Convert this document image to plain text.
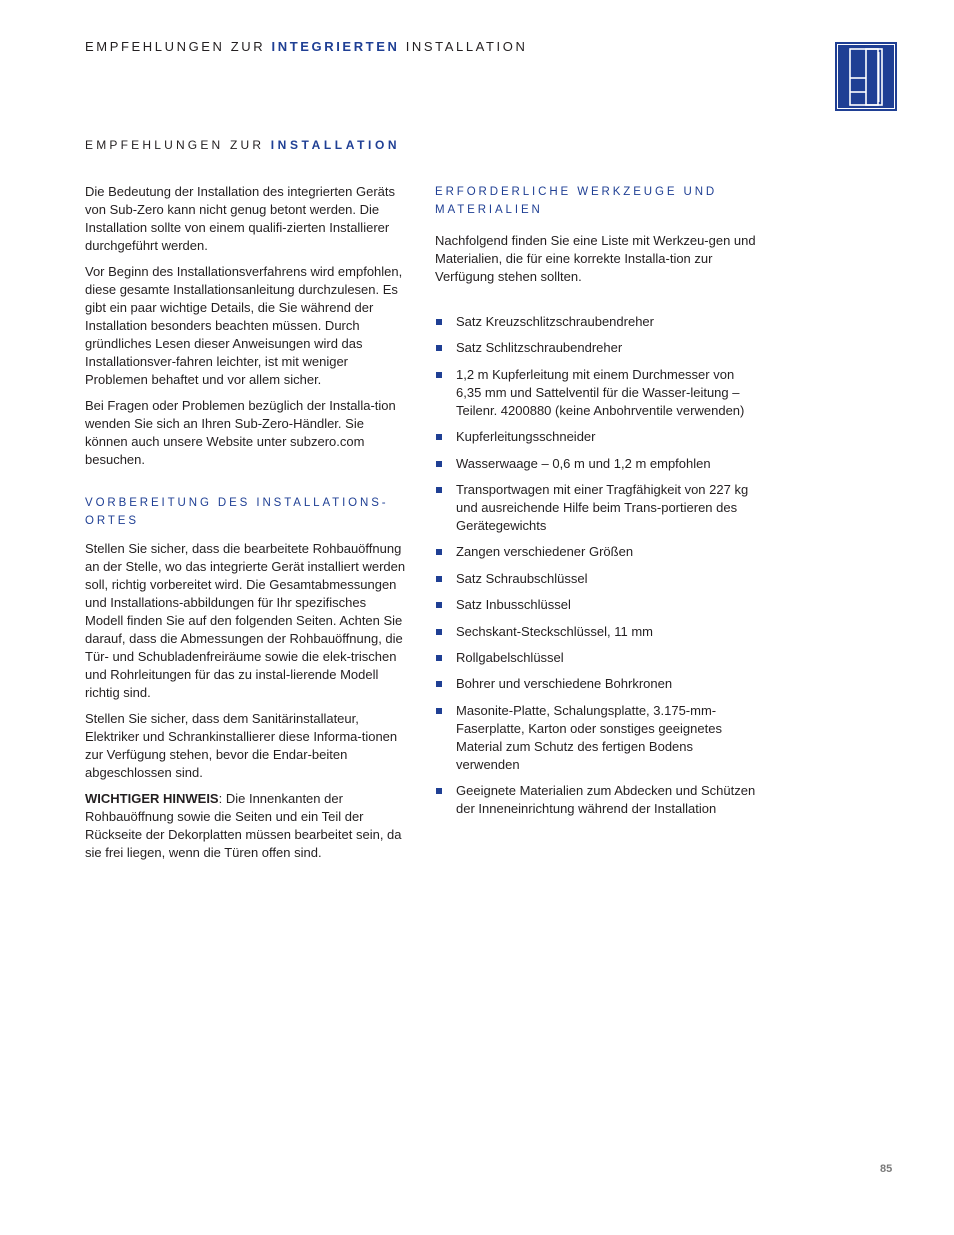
EMPFEHLUNGEN ZUR INTEGRIERTEN INSTALLATION
EMPFEHLUNGEN ZUR INSTALLATION

Die Bedeutung der Installation des integrierten Geräts von Sub-Zero kann nicht genug betont werden. Die Installation sollte von einem qualifi-zierten Installierer durchgeführt werden.

Vor Beginn des Installationsverfahrens wird empfohlen, diese gesamte Installationsanleitung durchzulesen. Es gibt ein paar wichtige Details, die Sie während der Installation besonders beachten müssen. Durch gründliches Lesen dieser Anweisungen wird das Installationsver-fahren leichter, ist mit weniger Problemen behaftet und vor allem sicher.

Bei Fragen oder Problemen bezüglich der Installa-tion wenden Sie sich an Ihren Sub-Zero-Händler. Sie können auch unsere Website unter subzero.com besuchen.

VORBEREITUNG DES INSTALLATIONS-ORTES

Stellen Sie sicher, dass die bearbeitete Rohbauöffnung an der Stelle, wo das integrierte Gerät installiert werden soll, richtig vorbereitet wird. Die Gesamtabmessungen und Installations-abbildungen für Ihr spezifisches Modell finden Sie auf den folgenden Seiten. Achten Sie darauf, dass die Abmessungen der Rohbauöffnung, die Tür- und Schubladenfreiräume sowie die elek-trischen und Rohrleitungen für das zu instal-lierende Modell richtig sind.

Stellen Sie sicher, dass dem Sanitärinstallateur, Elektriker und Schrankinstallierer diese Informa-tionen zur Verfügung stehen, bevor die Endar-beiten abgeschlossen sind.

WICHTIGER HINWEIS: Die Innenkanten der Rohbauöffnung sowie die Seiten und ein Teil der Rückseite der Dekorplatten müssen bearbeitet sein, da sie frei liegen, wenn die Türen offen sind.

ERFORDERLICHE WERKZEUGE UND MATERIALIEN

Nachfolgend finden Sie eine Liste mit Werkzeu-gen und Materialien, die für eine korrekte Installa-tion zur Verfügung stehen sollten.

Satz Kreuzschlitzschraubendreher
Satz Schlitzschraubendreher
1,2 m Kupferleitung mit einem Durchmesser von 6,35 mm und Sattelventil für die Wasser-leitung – Teilenr. 4200880 (keine Anbohrventile verwenden)
Kupferleitungsschneider
Wasserwaage – 0,6 m und 1,2 m empfohlen
Transportwagen mit einer Tragfähigkeit von 227 kg und ausreichende Hilfe beim Trans-portieren des Gerätegewichts
Zangen verschiedener Größen
Satz Schraubschlüssel
Satz Inbusschlüssel
Sechskant-Steckschlüssel, 11 mm
Rollgabelschlüssel
Bohrer und verschiedene Bohrkronen
Masonite-Platte, Schalungsplatte, 3.175-mm-Faserplatte, Karton oder sonstiges geeignetes Material zum Schutz des fertigen Bodens verwenden
Geeignete Materialien zum Abdecken und Schützen der Inneneinrichtung während der Installation
85
